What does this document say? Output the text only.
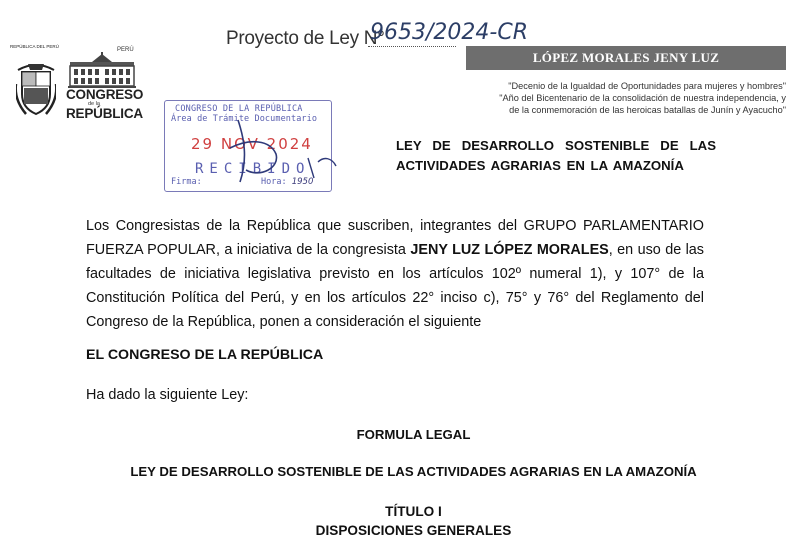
Proyecto de Ley N°
9653/2024-CR
REPÚBLICA DEL PERÚ
PERÚ
CONGRESO
de la
REPÚBLICA
LÓPEZ MORALES JENY LUZ
"Decenio de la Igualdad de Oportunidades para mujeres y hombres"
"Año del Bicentenario de la consolidación de nuestra independencia, y
de la conmemoración de las heroicas batallas de Junín y Ayacucho"
CONGRESO DE LA REPÚBLICA
Área de Trámite Documentario
29 NOV 2024
RECIBIDO
Firma:	Hora: 1950
LEY DE DESARROLLO SOSTENIBLE DE LAS ACTIVIDADES AGRARIAS EN LA AMAZONÍA
Los Congresistas de la República que suscriben, integrantes del GRUPO PARLAMENTARIO FUERZA POPULAR, a iniciativa de la congresista JENY LUZ LÓPEZ MORALES, en uso de las facultades de iniciativa legislativa previsto en los artículos 102º numeral 1), y 107° de la Constitución Política del Perú, y en los artículos 22° inciso c), 75° y 76° del Reglamento del Congreso de la República, ponen a consideración el siguiente
EL CONGRESO DE LA REPÚBLICA
Ha dado la siguiente Ley:
FORMULA LEGAL
LEY DE DESARROLLO SOSTENIBLE DE LAS ACTIVIDADES AGRARIAS EN LA AMAZONÍA
TÍTULO I
DISPOSICIONES GENERALES
